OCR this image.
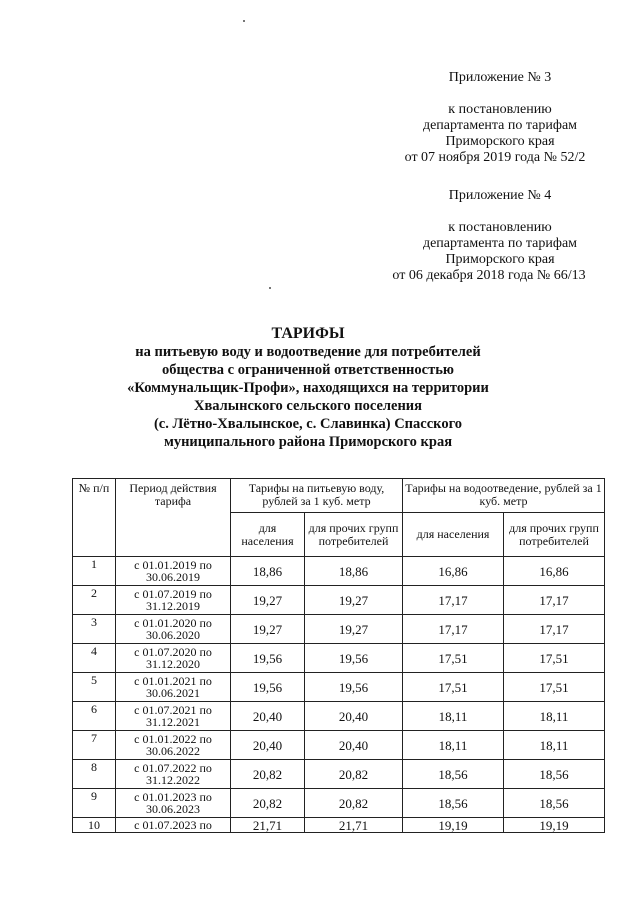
Приложение № 3
к постановлению
департамента по тарифам
Приморского края
от 07 ноября 2019 года № 52/2
Приложение № 4
к постановлению
департамента по тарифам
Приморского края
от 06 декабря 2018 года № 66/13
ТАРИФЫ
на питьевую воду и водоотведение для потребителей
общества с ограниченной ответственностью
«Коммунальщик-Профи», находящихся на территории
Хвалынского сельского поселения
(с. Лётно-Хвалынское, с. Славинка) Спасского
муниципального района Приморского края
№ п/п	Период действия тарифа	Тарифы на питьевую воду, рублей за 1 куб. метр		Тарифы на водоотведение, рублей за 1 куб. метр	
		для населения	для прочих групп потребителей	для населения	для прочих групп потребителей
1	с 01.01.2019 по 30.06.2019	18,86	18,86	16,86	16,86
2	с 01.07.2019 по 31.12.2019	19,27	19,27	17,17	17,17
3	с 01.01.2020 по 30.06.2020	19,27	19,27	17,17	17,17
4	с 01.07.2020 по 31.12.2020	19,56	19,56	17,51	17,51
5	с 01.01.2021 по 30.06.2021	19,56	19,56	17,51	17,51
6	с 01.07.2021 по 31.12.2021	20,40	20,40	18,11	18,11
7	с 01.01.2022 по 30.06.2022	20,40	20,40	18,11	18,11
8	с 01.07.2022 по 31.12.2022	20,82	20,82	18,56	18,56
9	с 01.01.2023 по 30.06.2023	20,82	20,82	18,56	18,56
10	с 01.07.2023 по	21,71	21,71	19,19	19,19
